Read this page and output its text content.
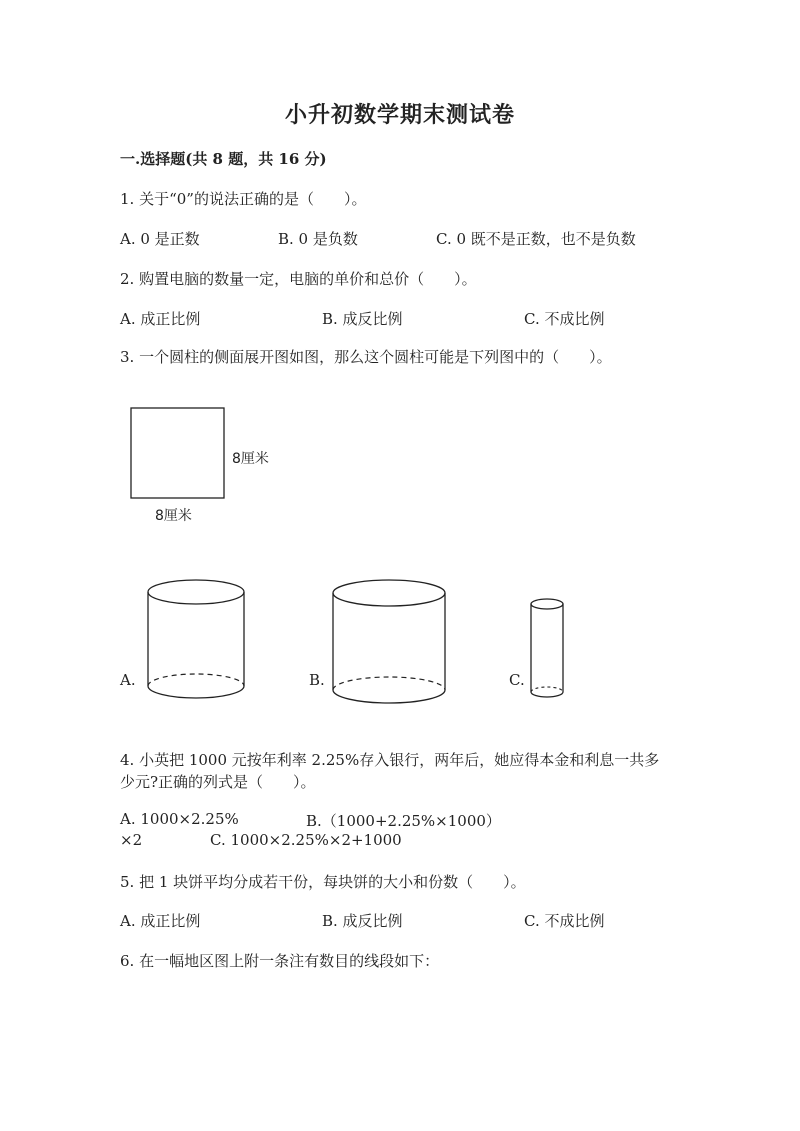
小升初数学期末测试卷
一.选择题(共 8 题，共 16 分)
1. 关于“0”的说法正确的是（　　）。
A. 0 是正数	B. 0 是负数	C. 0 既不是正数，也不是负数
2. 购置电脑的数量一定，电脑的单价和总价（　　）。
A. 成正比例	B. 成反比例	C. 不成比例
3. 一个圆柱的侧面展开图如图，那么这个圆柱可能是下列图中的（　　）。
8厘米
8厘米
A.	B.	C.
4. 小英把 1000 元按年利率 2.25%存入银行，两年后，她应得本金和利息一共多
少元?正确的列式是（　　）。
A. 1000×2.25%	B.（1000+2.25%×1000）
×2	C. 1000×2.25%×2+1000
5. 把 1 块饼平均分成若干份，每块饼的大小和份数（　　）。
A. 成正比例	B. 成反比例	C. 不成比例
6. 在一幅地区图上附一条注有数目的线段如下：
